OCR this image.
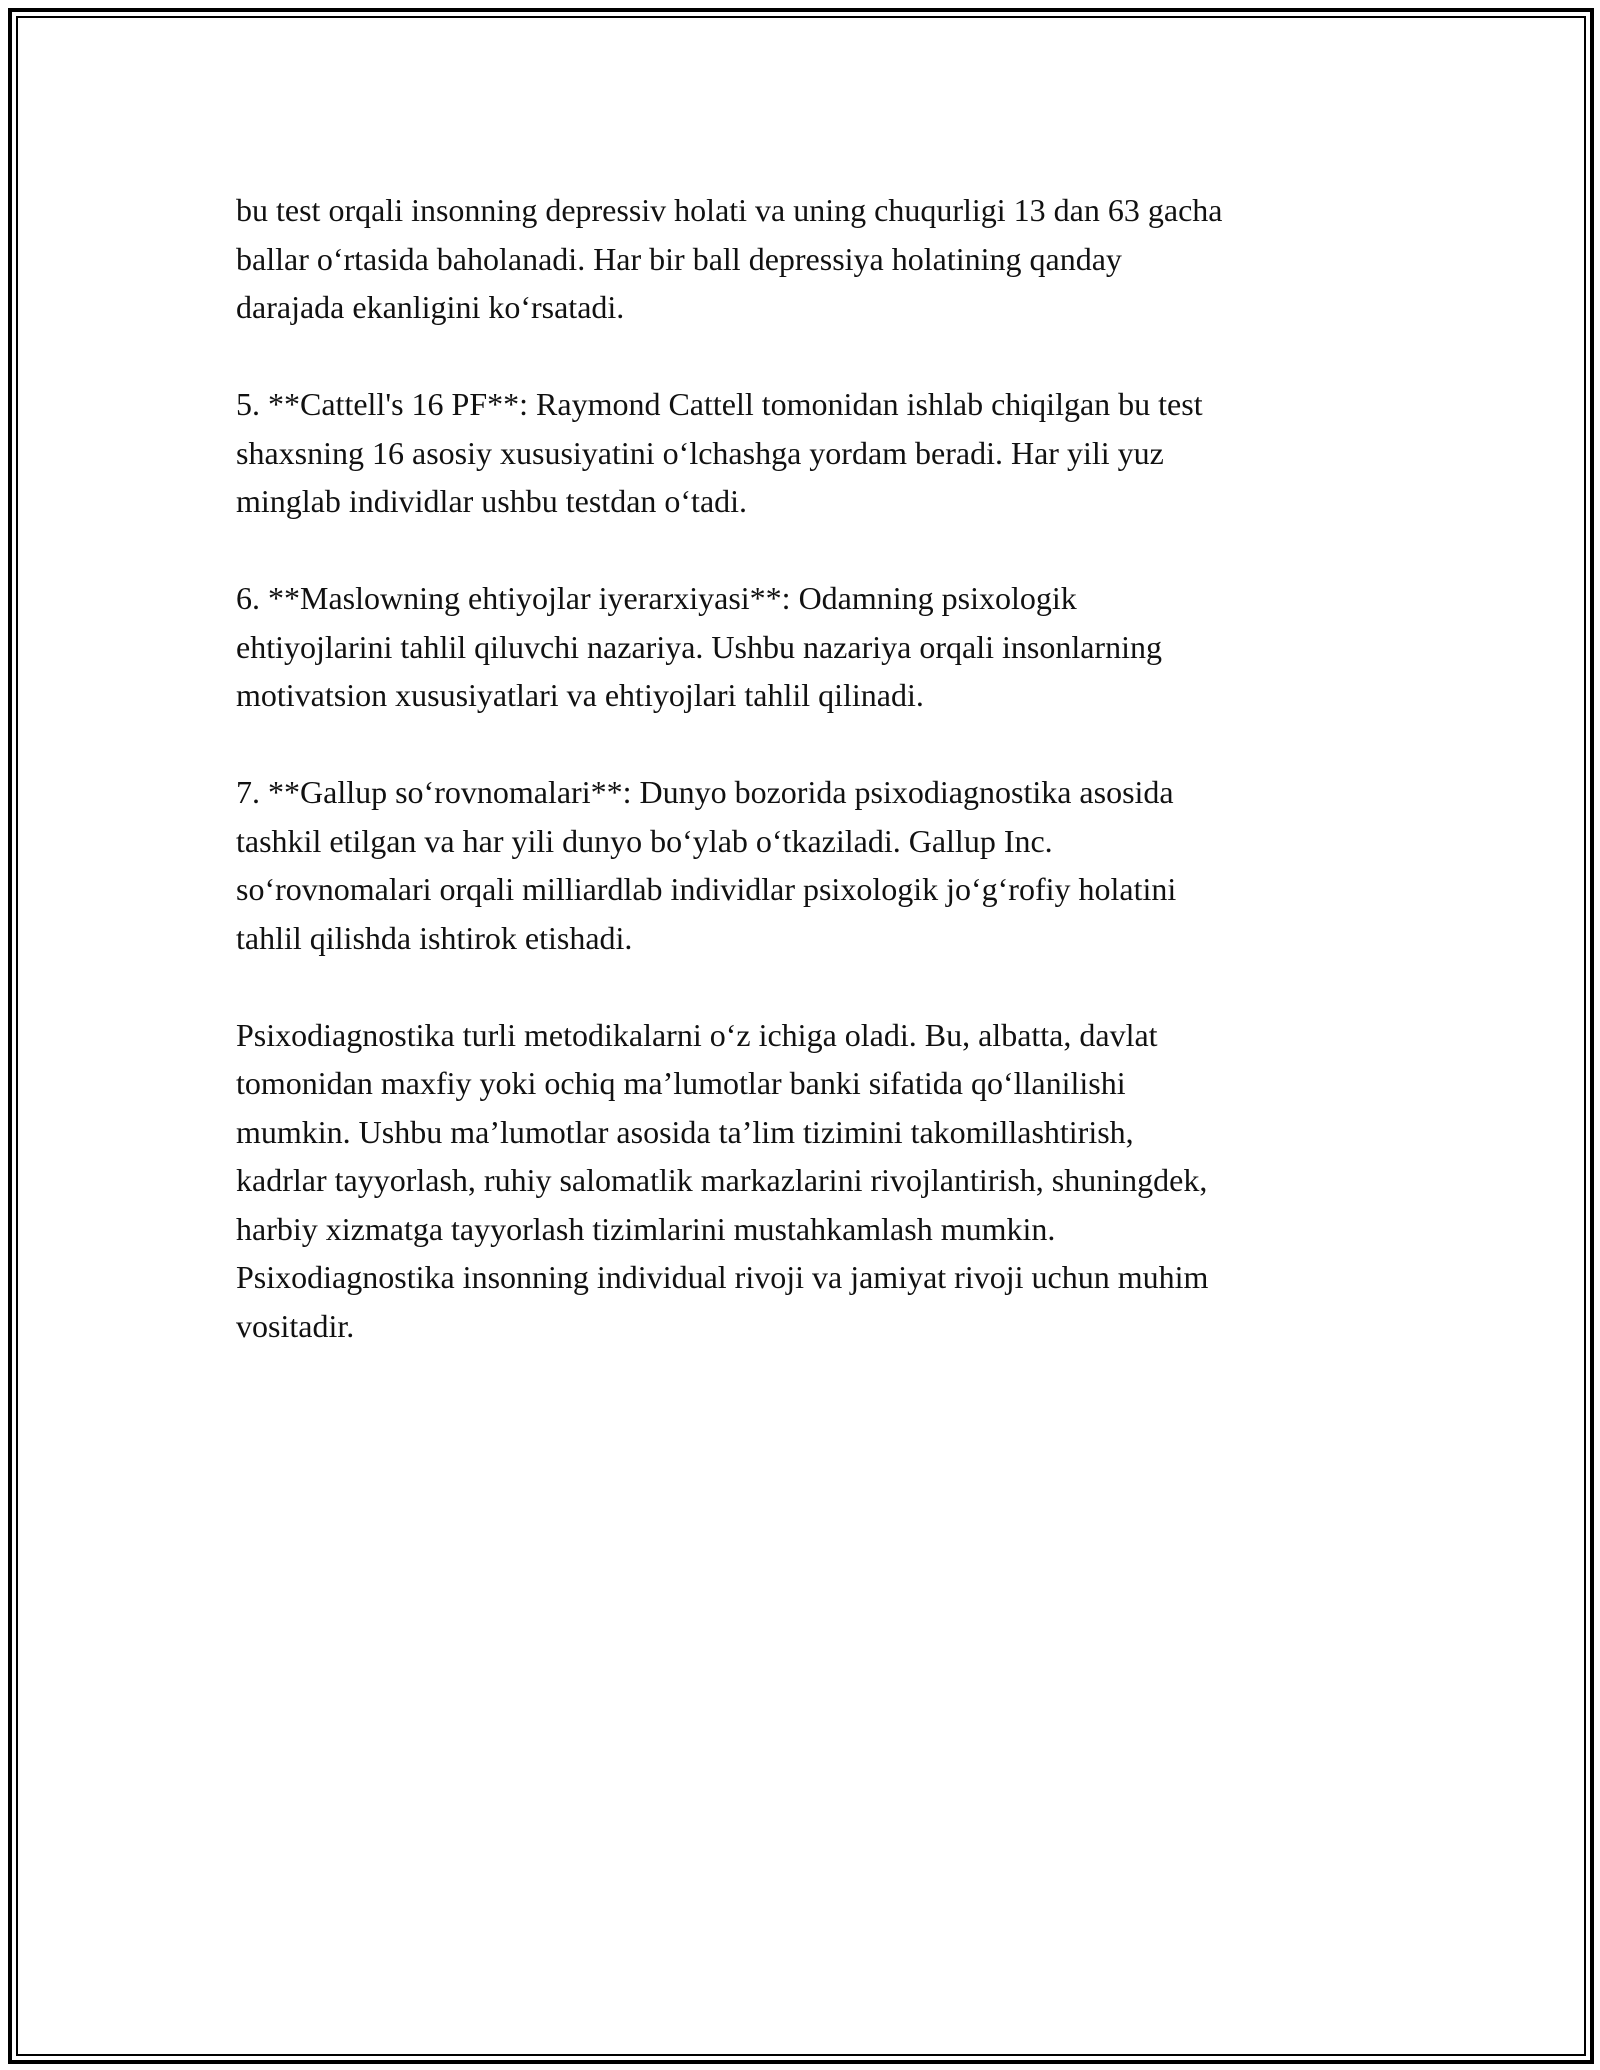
bu test orqali insonning depressiv holati va uning chuqurligi 13 dan 63 gacha
ballar o‘rtasida baholanadi. Har bir ball depressiya holatining qanday
darajada ekanligini ko‘rsatadi.

5. **Cattell's 16 PF**: Raymond Cattell tomonidan ishlab chiqilgan bu test
shaxsning 16 asosiy xususiyatini o‘lchashga yordam beradi. Har yili yuz
minglab individlar ushbu testdan o‘tadi.

6. **Maslowning ehtiyojlar iyerarxiyasi**: Odamning psixologik
ehtiyojlarini tahlil qiluvchi nazariya. Ushbu nazariya orqali insonlarning
motivatsion xususiyatlari va ehtiyojlari tahlil qilinadi.

7. **Gallup so‘rovnomalari**: Dunyo bozorida psixodiagnostika asosida
tashkil etilgan va har yili dunyo bo‘ylab o‘tkaziladi. Gallup Inc.
so‘rovnomalari orqali milliardlab individlar psixologik jo‘g‘rofiy holatini
tahlil qilishda ishtirok etishadi.

Psixodiagnostika turli metodikalarni o‘z ichiga oladi. Bu, albatta, davlat
tomonidan maxfiy yoki ochiq ma’lumotlar banki sifatida qo‘llanilishi
mumkin. Ushbu ma’lumotlar asosida ta’lim tizimini takomillashtirish,
kadrlar tayyorlash, ruhiy salomatlik markazlarini rivojlantirish, shuningdek,
harbiy xizmatga tayyorlash tizimlarini mustahkamlash mumkin.
Psixodiagnostika insonning individual rivoji va jamiyat rivoji uchun muhim
vositadir.
